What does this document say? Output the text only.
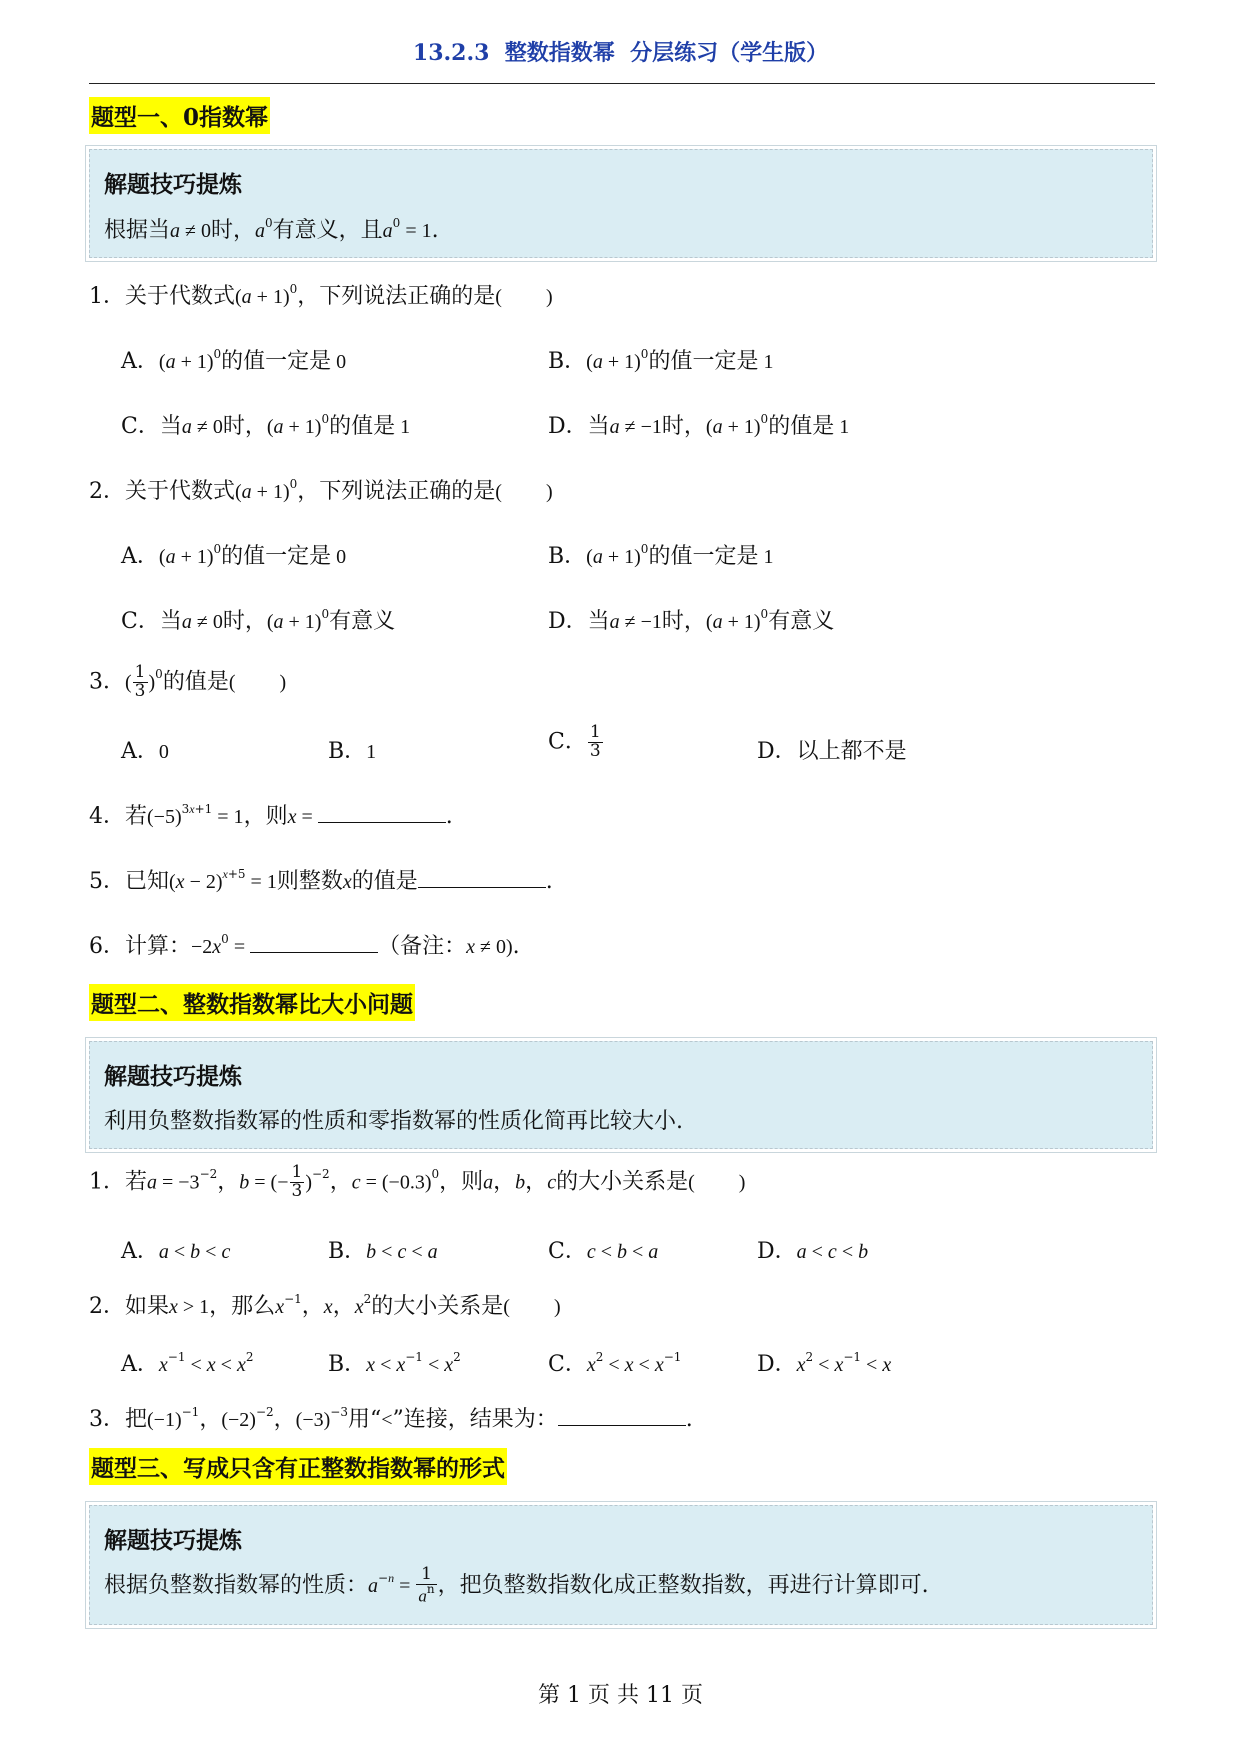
13.2.3  整数指数幂  分层练习（学生版）
题型一、0指数幂
解题技巧提炼
根据当a ≠ 0时，$a^0$有意义，且$a^0 = 1$.
1．关于代数式$(a + 1)^0$，下列说法正确的是(　　 )
A．$(a + 1)^0$的值一定是 0	B．$(a + 1)^0$的值一定是 1
C．当a ≠ 0时，$(a + 1)^0$的值是 1	D．当a ≠ −1时，$(a + 1)^0$的值是 1
2．关于代数式$(a + 1)^0$，下列说法正确的是(　　 )
A．$(a + 1)^0$的值一定是 0	B．$(a + 1)^0$的值一定是 1
C．当a ≠ 0时，$(a + 1)^0$有意义	D．当a ≠ −1时，$(a + 1)^0$有意义
3．( $\frac{1}{3} )^0$的值是(　　 )
A．0	B．1	C． $\frac{1}{3}$	D．以上都不是
4．若$(-5)^{3x+1} = 1$，则x =	.
5．已知$(x - 2)^{x+5} = 1$则整数x的值是	.
6．计算：$-2x^0$ =	（备注：x ≠ 0).
题型二、整数指数幂比大小问题
解题技巧提炼
利用负整数指数幂的性质和零指数幂的性质化简再比较大小.
1．若$a = -3^{-2}$，b = (− $\frac{1}{3} )^{-2}$，$c = (-0.3)^0$，则a，b，c的大小关系是(　　 )
A．a < b < c	B．b < c < a	C．c < b < a	D．a < c < b
2．如果x > 1，那么$x^{-1}$，x，$x^2$的大小关系是(　　 )
A．$x^{-1} < x < x^2$	B．$x < x^{-1} < x^2$	C．$x^2 < x < x^{-1}$	D．$x^2 < x^{-1} < x$
3．把$(-1)^{-1}$，$(-2)^{-2}$，$(-3)^{-3}$用“<”连接，结果为：	.
题型三、写成只含有正整数指数幂的形式
解题技巧提炼
根据负整数指数幂的性质：$a^{-n} = \frac{1}{a^n}$ ，把负整数指数化成正整数指数，再进行计算即可.
第 1 页 共 11 页
